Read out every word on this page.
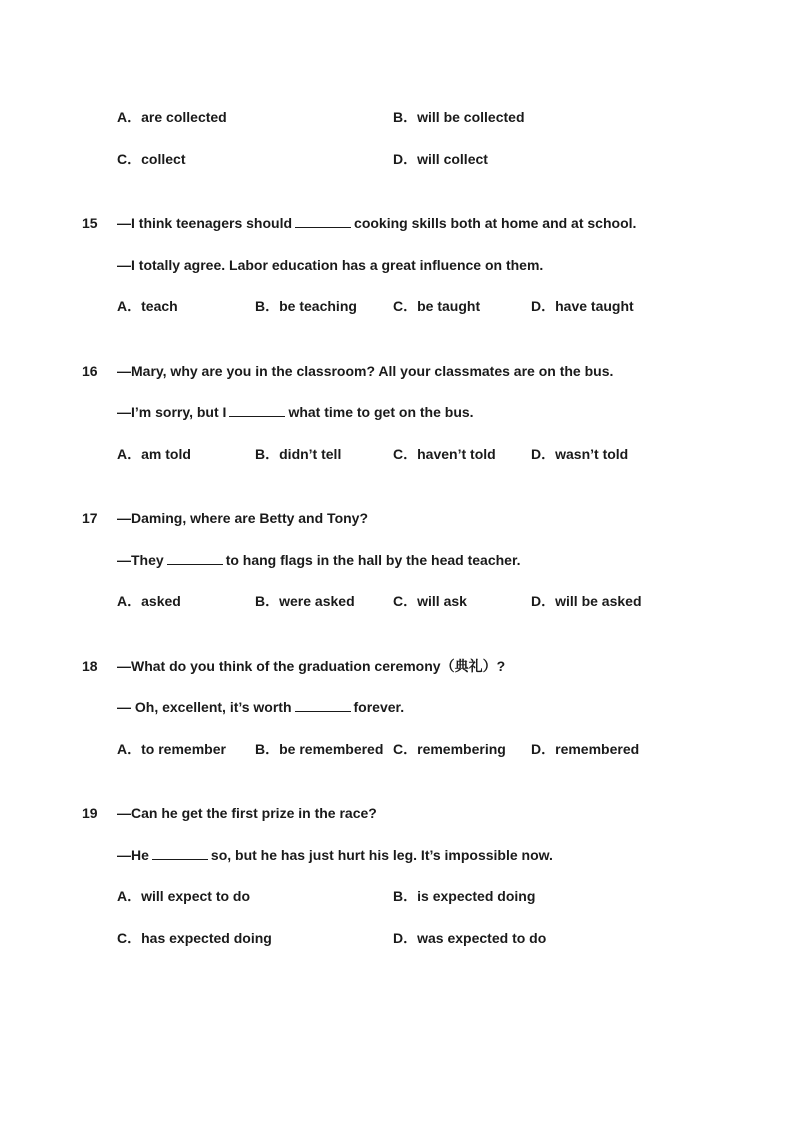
A．are collected	B．will be collected
C．collect	D．will collect
15 —I think teenagers should	cooking skills both at home and at school.
—I totally agree. Labor education has a great influence on them.
A．teach	B．be teaching	C．be taught	D．have taught
16 —Mary, why are you in the classroom? All your classmates are on the bus.
—I’m sorry, but I	what time to get on the bus.
A．am told	B．didn’t tell	C．haven’t told	D．wasn’t told
17 —Daming, where are Betty and Tony?
—They	to hang flags in the hall by the head teacher.
A．asked	B．were asked	C．will ask	D．will be asked
18 —What do you think of the graduation ceremony（典礼）?
— Oh, excellent, it’s worth	forever.
A．to remember B．be remembered C．remembering D．remembered
19 —Can he get the first prize in the race?
—He	so, but he has just hurt his leg. It’s impossible now.
A．will expect to do	B．is expected doing
C．has expected doing	D．was expected to do
